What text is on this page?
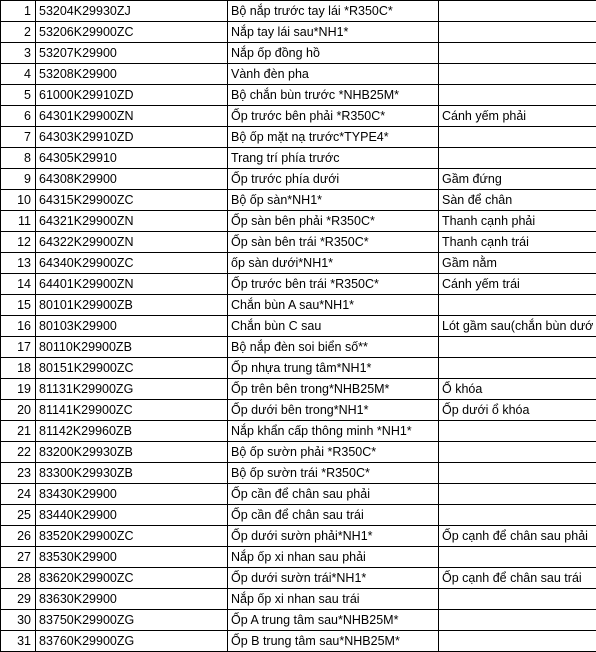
1	53204K29930ZJ	Bộ nắp trước tay lái *R350C*	
2	53206K29900ZC	Nắp tay lái sau*NH1*	
3	53207K29900	Nắp ốp đồng hồ	
4	53208K29900	Vành đèn pha	
5	61000K29910ZD	Bộ chắn bùn trước *NHB25M*	
6	64301K29900ZN	Ốp trước bên phải *R350C*	Cánh yếm phải
7	64303K29910ZD	Bộ ốp mặt nạ trước*TYPE4*	
8	64305K29910	Trang trí phía trước	
9	64308K29900	Ốp trước phía dưới	Gầm đứng
10	64315K29900ZC	Bộ ốp sàn*NH1*	Sàn để chân
11	64321K29900ZN	Ốp sàn bên phải *R350C*	Thanh cạnh phải
12	64322K29900ZN	Ốp sàn bên trái *R350C*	Thanh cạnh trái
13	64340K29900ZC	ốp sàn dưới*NH1*	Gầm nằm
14	64401K29900ZN	Ốp trước bên trái *R350C*	Cánh yếm trái
15	80101K29900ZB	Chắn bùn A sau*NH1*	
16	80103K29900	Chắn bùn C sau	Lót gầm sau(chắn bùn dướ
17	80110K29900ZB	Bộ nắp đèn soi biển số**	
18	80151K29900ZC	Ốp nhựa trung tâm*NH1*	
19	81131K29900ZG	Ốp trên bên trong*NHB25M*	Ổ khóa
20	81141K29900ZC	Ốp dưới bên trong*NH1*	Ốp dưới ổ khóa
21	81142K29960ZB	Nắp khẩn cấp thông minh *NH1*	
22	83200K29930ZB	Bộ ốp sườn phải *R350C*	
23	83300K29930ZB	Bộ ốp sườn trái *R350C*	
24	83430K29900	Ốp cần để chân sau phải	
25	83440K29900	Ốp cần để chân sau trái	
26	83520K29900ZC	Ốp dưới sườn phải*NH1*	Ốp cạnh để chân sau phải
27	83530K29900	Nắp ốp xi nhan sau phải	
28	83620K29900ZC	Ốp dưới sườn trái*NH1*	Ốp cạnh để chân sau trái
29	83630K29900	Nắp ốp xi nhan sau trái	
30	83750K29900ZG	Ốp A trung tâm sau*NHB25M*	
31	83760K29900ZG	Ốp B trung tâm sau*NHB25M*	
